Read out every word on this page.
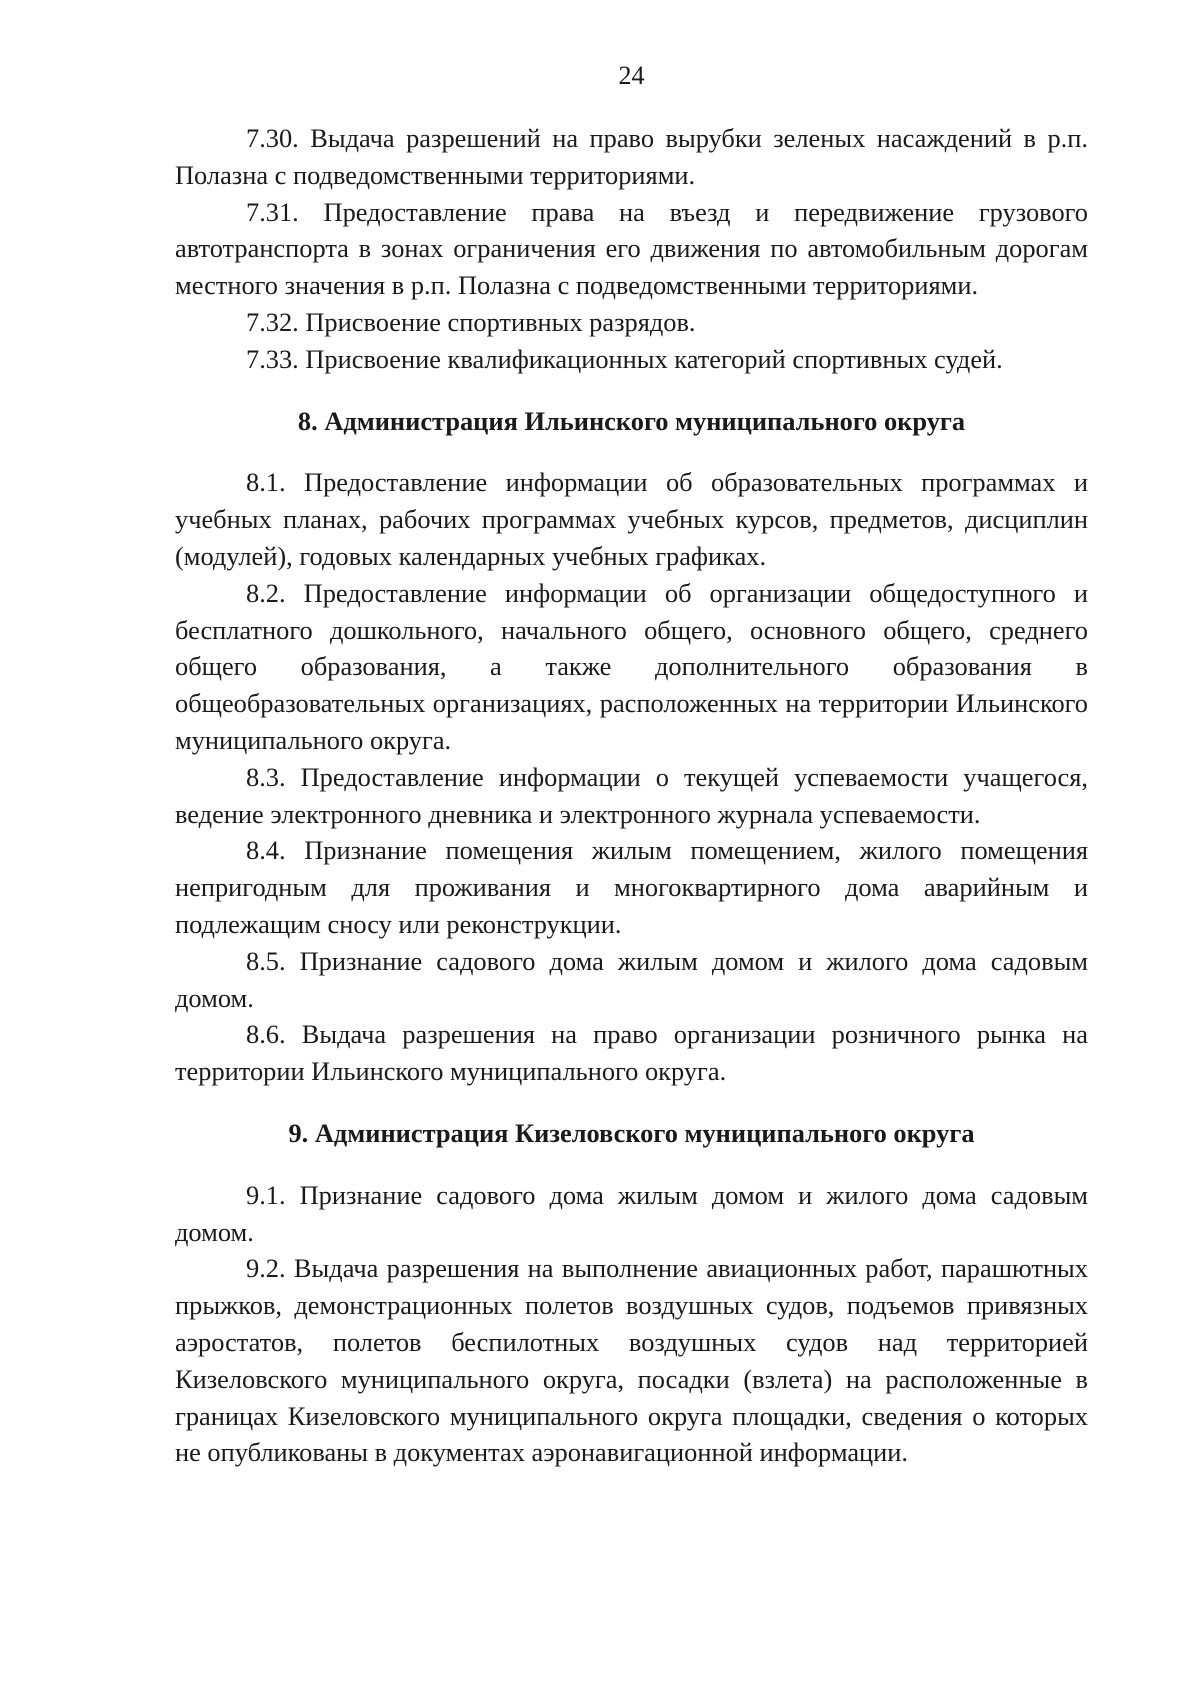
24

7.30. Выдача разрешений на право вырубки зеленых насаждений в р.п. Полазна с подведомственными территориями.

7.31. Предоставление права на въезд и передвижение грузового автотранспорта в зонах ограничения его движения по автомобильным дорогам местного значения в р.п. Полазна с подведомственными территориями.

7.32. Присвоение спортивных разрядов.

7.33. Присвоение квалификационных категорий спортивных судей.

8. Администрация Ильинского муниципального округа

8.1. Предоставление информации об образовательных программах и учебных планах, рабочих программах учебных курсов, предметов, дисциплин (модулей), годовых календарных учебных графиках.

8.2. Предоставление информации об организации общедоступного и бесплатного дошкольного, начального общего, основного общего, среднего общего образования, а также дополнительного образования в общеобразовательных организациях, расположенных на территории Ильинского муниципального округа.

8.3. Предоставление информации о текущей успеваемости учащегося, ведение электронного дневника и электронного журнала успеваемости.

8.4. Признание помещения жилым помещением, жилого помещения непригодным для проживания и многоквартирного дома аварийным и подлежащим сносу или реконструкции.

8.5. Признание садового дома жилым домом и жилого дома садовым домом.

8.6. Выдача разрешения на право организации розничного рынка на территории Ильинского муниципального округа.

9. Администрация Кизеловского муниципального округа

9.1. Признание садового дома жилым домом и жилого дома садовым домом.

9.2. Выдача разрешения на выполнение авиационных работ, парашютных прыжков, демонстрационных полетов воздушных судов, подъемов привязных аэростатов, полетов беспилотных воздушных судов над территорией Кизеловского муниципального округа, посадки (взлета) на расположенные в границах Кизеловского муниципального округа площадки, сведения о которых не опубликованы в документах аэронавигационной информации.
